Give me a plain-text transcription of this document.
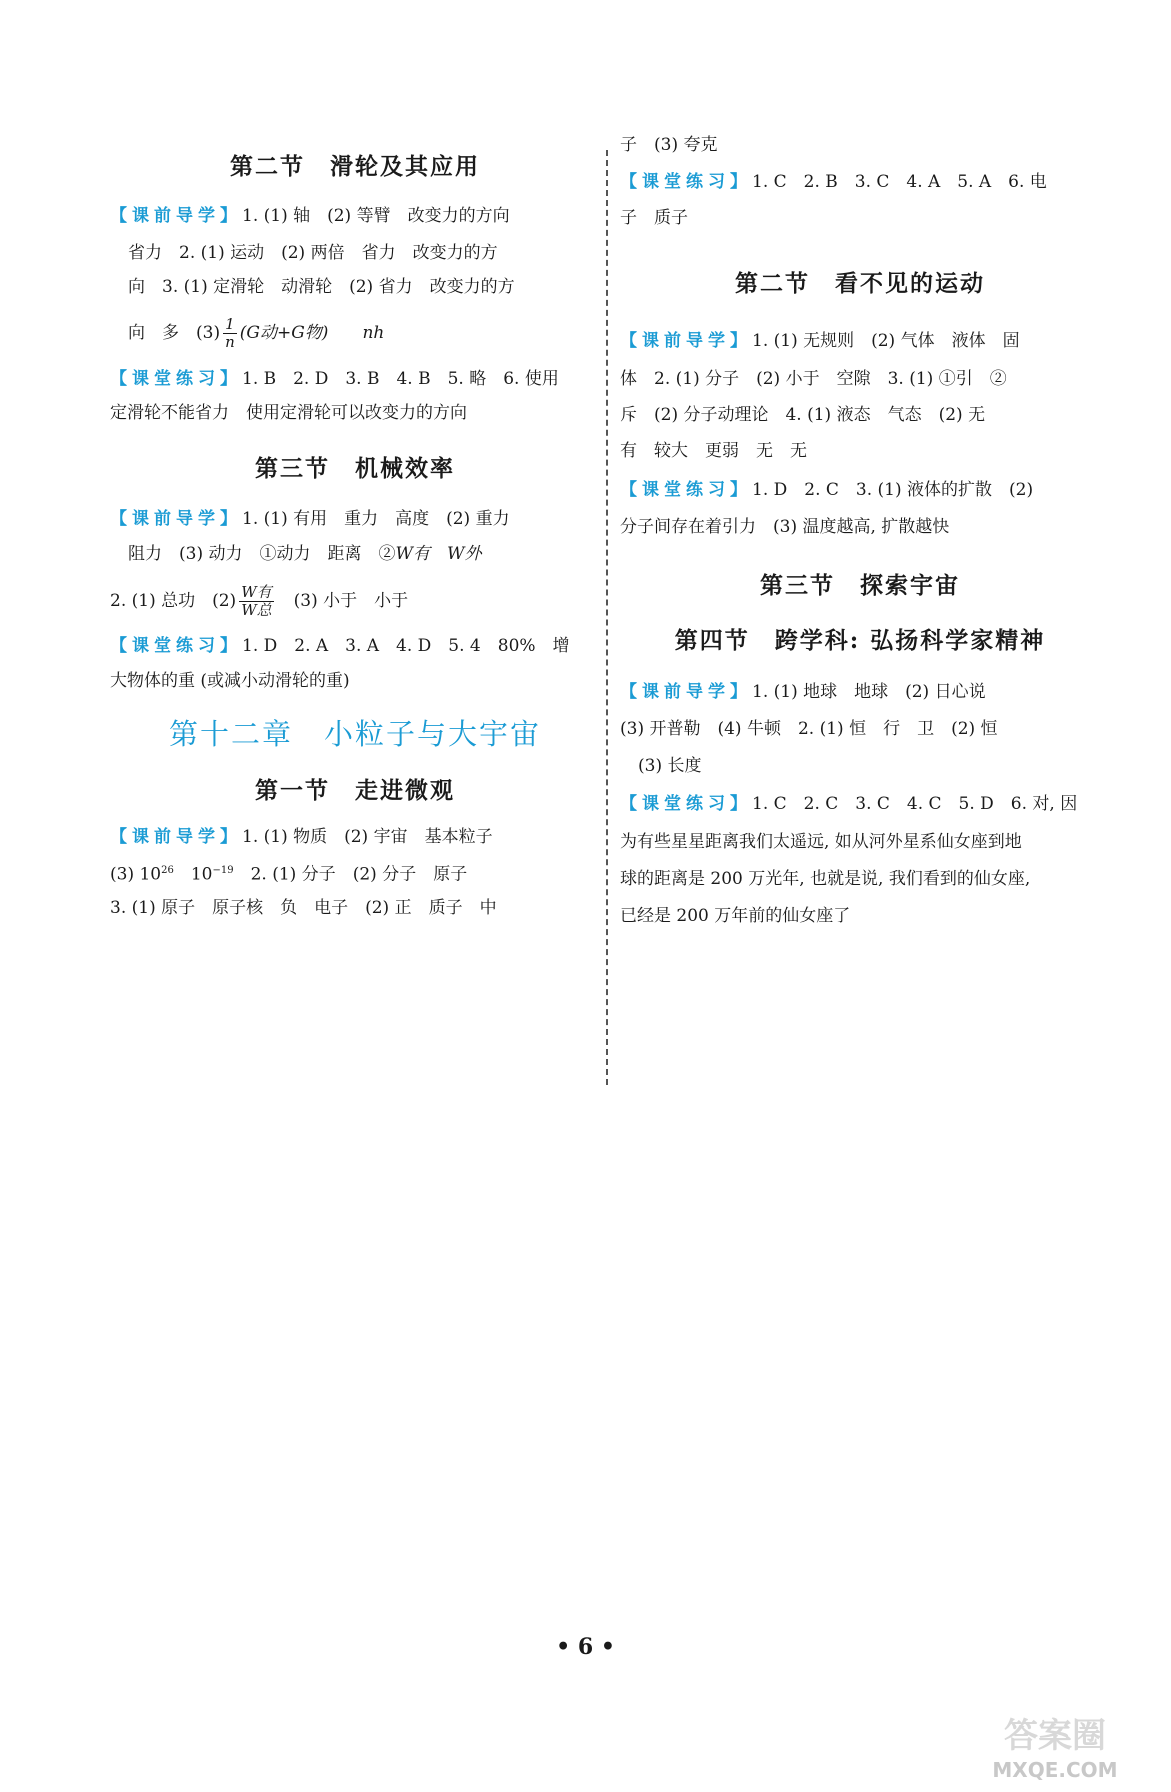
第二节　滑轮及其应用
【课前导学】1. (1) 轴　(2) 等臂　改变力的方向
省力　2. (1) 运动　(2) 两倍　省力　改变力的方
向　3. (1) 定滑轮　动滑轮　(2) 省力　改变力的方
向　多　$(3) \frac{1}{n} (G$动+G物)　　 nh
【课堂练习】1. B　2. D　3. B　4. B　5. 略　6. 使用
定滑轮不能省力　使用定滑轮可以改变力的方向
第三节　机械效率
【课前导学】1. (1) 有用　重力　高度　(2) 重力
阻力　(3) 动力　①动力　距离　②W有　 W外
2. (1) 总功　$(2) \frac{\text{W有}}{\text{W总}}$
　 (3) 小于　小于
【课堂练习】1. D　2. A　3. A　4. D　5. 4　80%　增
大物体的重 (或减小动滑轮的重)
第十二章　小粒子与大宇宙
第一节　走进微观
【课前导学】1. (1) 物质　(2) 宇宙　基本粒子
(3) $10^{26}$　 $10^{-19}$　 2. (1) 分子　(2) 分子　原子
3. (1) 原子　原子核　负　电子　(2) 正　质子　中
子　(3) 夸克
【课堂练习】1. C　2. B　3. C　4. A　5. A　6. 电
子　质子
第二节　看不见的运动
【课前导学】1. (1) 无规则　(2) 气体　液体　固
体　2. (1) 分子　(2) 小于　空隙　3. (1) ①引　②
斥　(2) 分子动理论　4. (1) 液态　气态　(2) 无
有　较大　更弱　无　无
【课堂练习】1. D　2. C　3. (1) 液体的扩散　(2)
分子间存在着引力　(3) 温度越高, 扩散越快
第三节　探索宇宙
第四节　跨学科: 弘扬科学家精神
【课前导学】1. (1) 地球　地球　(2) 日心说
(3) 开普勒　(4) 牛顿　2. (1) 恒　行　卫　(2) 恒
(3) 长度
【课堂练习】1. C　2. C　3. C　4. C　5. D　6. 对, 因
为有些星星距离我们太遥远, 如从河外星系仙女座到地
球的距离是 200 万光年, 也就是说, 我们看到的仙女座,
已经是 200 万年前的仙女座了
• 6 •
答案圈
MXQE.COM
